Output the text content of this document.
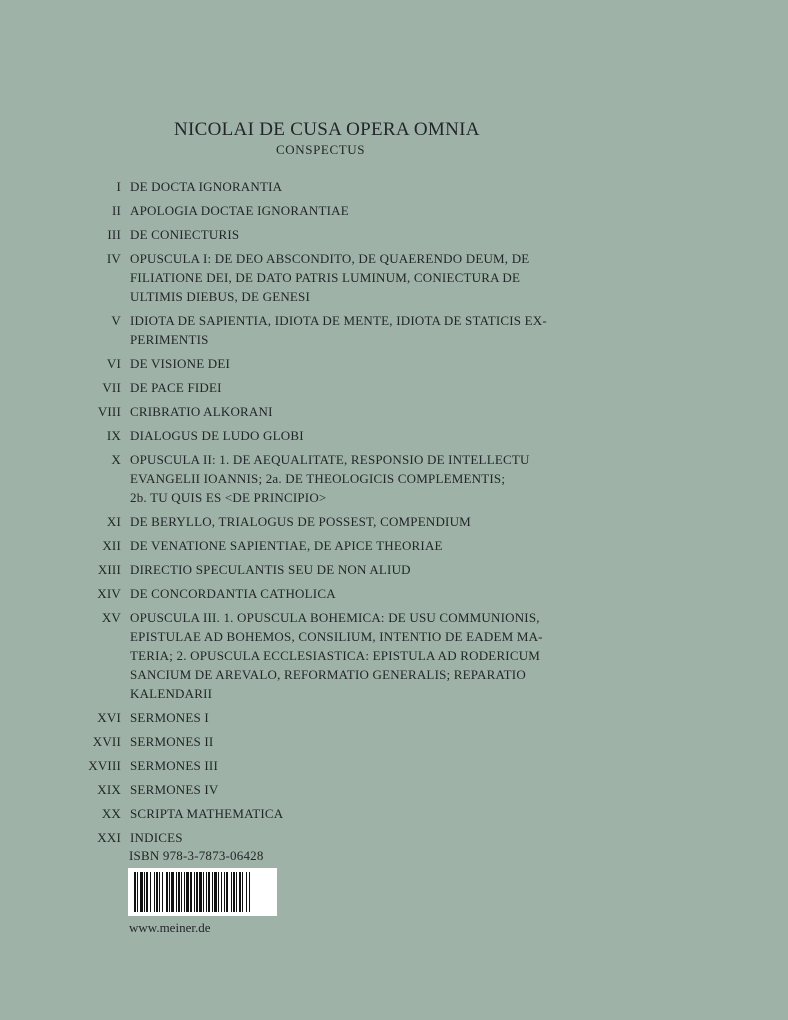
NICOLAI DE CUSA OPERA OMNIA
CONSPECTUS
I DE DOCTA IGNORANTIA
II APOLOGIA DOCTAE IGNORANTIAE
III DE CONIECTURIS
IV OPUSCULA I: DE DEO ABSCONDITO, DE QUAERENDO DEUM, DE
FILIATIONE DEI, DE DATO PATRIS LUMINUM, CONIECTURA DE
ULTIMIS DIEBUS, DE GENESI
V IDIOTA DE SAPIENTIA, IDIOTA DE MENTE, IDIOTA DE STATICIS EX-
PERIMENTIS
VI DE VISIONE DEI
VII DE PACE FIDEI
VIII CRIBRATIO ALKORANI
IX DIALOGUS DE LUDO GLOBI
X OPUSCULA II: 1. DE AEQUALITATE, RESPONSIO DE INTELLECTU
EVANGELII IOANNIS; 2a. DE THEOLOGICIS COMPLEMENTIS;
2b. TU QUIS ES <DE PRINCIPIO>
XI DE BERYLLO, TRIALOGUS DE POSSEST, COMPENDIUM
XII DE VENATIONE SAPIENTIAE, DE APICE THEORIAE
XIII DIRECTIO SPECULANTIS SEU DE NON ALIUD
XIV DE CONCORDANTIA CATHOLICA
XV OPUSCULA III. 1. OPUSCULA BOHEMICA: DE USU COMMUNIONIS,
EPISTULAE AD BOHEMOS, CONSILIUM, INTENTIO DE EADEM MA-
TERIA; 2. OPUSCULA ECCLESIASTICA: EPISTULA AD RODERICUM
SANCIUM DE AREVALO, REFORMATIO GENERALIS; REPARATIO
KALENDARII
XVI SERMONES I
XVII SERMONES II
XVIII SERMONES III
XIX SERMONES IV
XX SCRIPTA MATHEMATICA
XXI INDICES
ISBN 978-3-7873-06428
www.meiner.de
